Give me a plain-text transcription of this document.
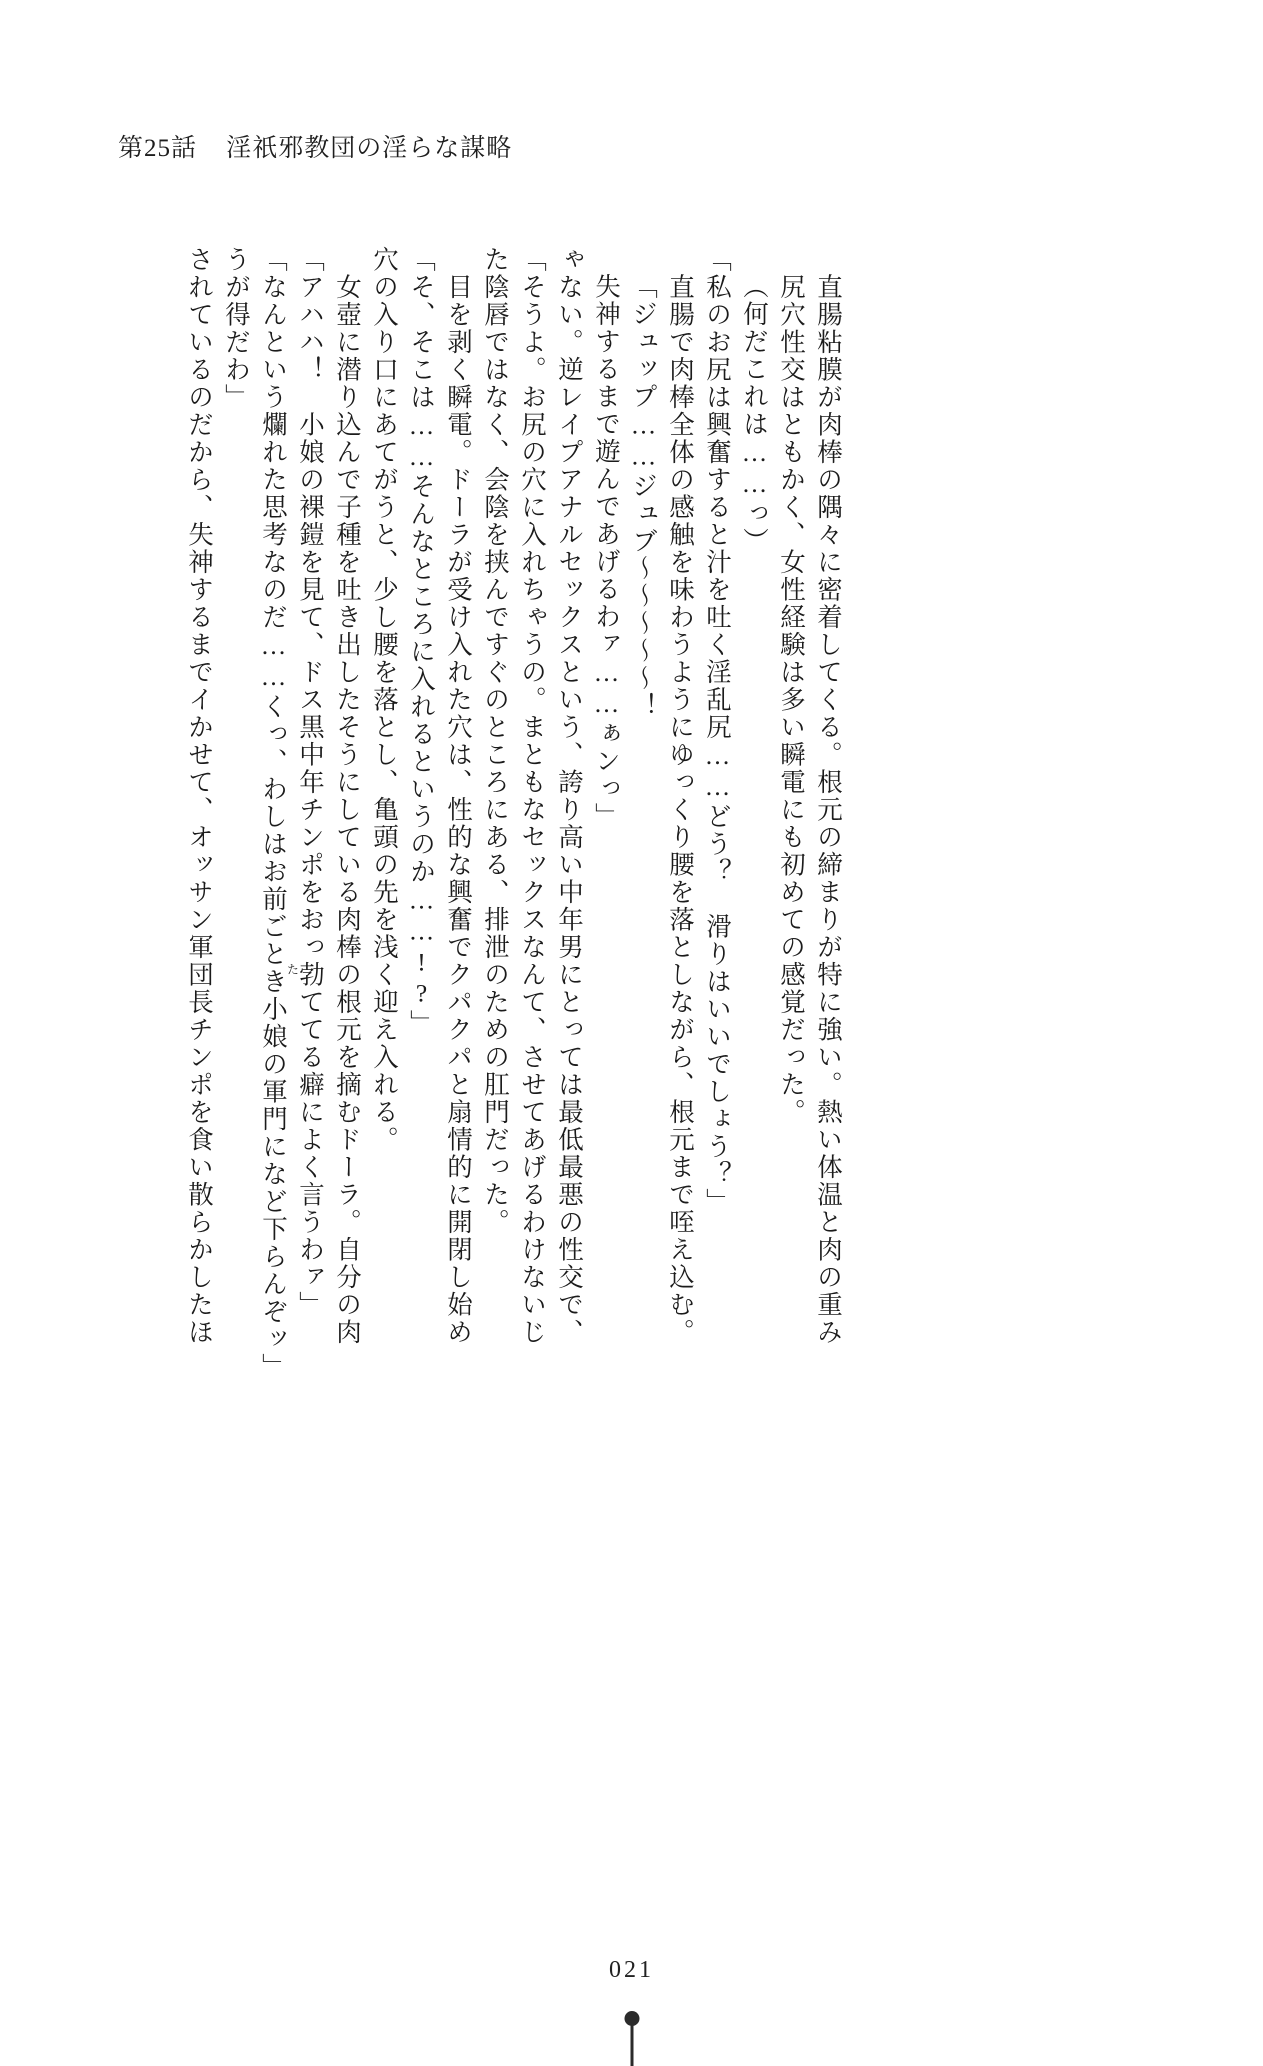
第25話 淫祇邪教団の淫らな謀略
されているのだから、失神するまでイかせて、オッサン軍団長チンポを食い散らかしたほ うが得だわ」 「なんという爛れた思考なのだ……くっ、わしはお前ごとき小娘の軍門になど下らんぞッ」 「アハハ！　小娘の裸鎧を見て、ドス黒中年チンポをおっ勃ててる癖によく言うわァ」
た 　女壺に潜り込んで子種を吐き出したそうにしている肉棒の根元を摘むドーラ。自分の肉 穴の入り口にあてがうと、少し腰を落とし、亀頭の先を浅く迎え入れる。 「そ、そこは……そんなところに入れるというのか……!?」 　目を剥く瞬電。ドーラが受け入れた穴は、性的な興奮でクパクパと扇情的に開閉し始め た陰唇ではなく、会陰を挟んですぐのところにある、排泄のための肛門だった。 「そうよ。お尻の穴に入れちゃうの。まともなセックスなんて、させてあげるわけないじ ゃない。逆レイプアナルセックスという、誇り高い中年男にとっては最低最悪の性交で、 失神するまで遊んであげるわァ……ぁンっ」 「ジュップ……ジュブ〜〜〜〜〜！ 　直腸で肉棒全体の感触を味わうようにゆっくり腰を落としながら、根元まで咥え込む。 「私のお尻は興奮すると汁を吐く淫乱尻……どう？　滑りはいいでしょう？」 （何だこれは……っ） 　尻穴性交はともかく、女性経験は多い瞬電にも初めての感覚だった。 　直腸粘膜が肉棒の隅々に密着してくる。根元の締まりが特に強い。熱い体温と肉の重み
021
